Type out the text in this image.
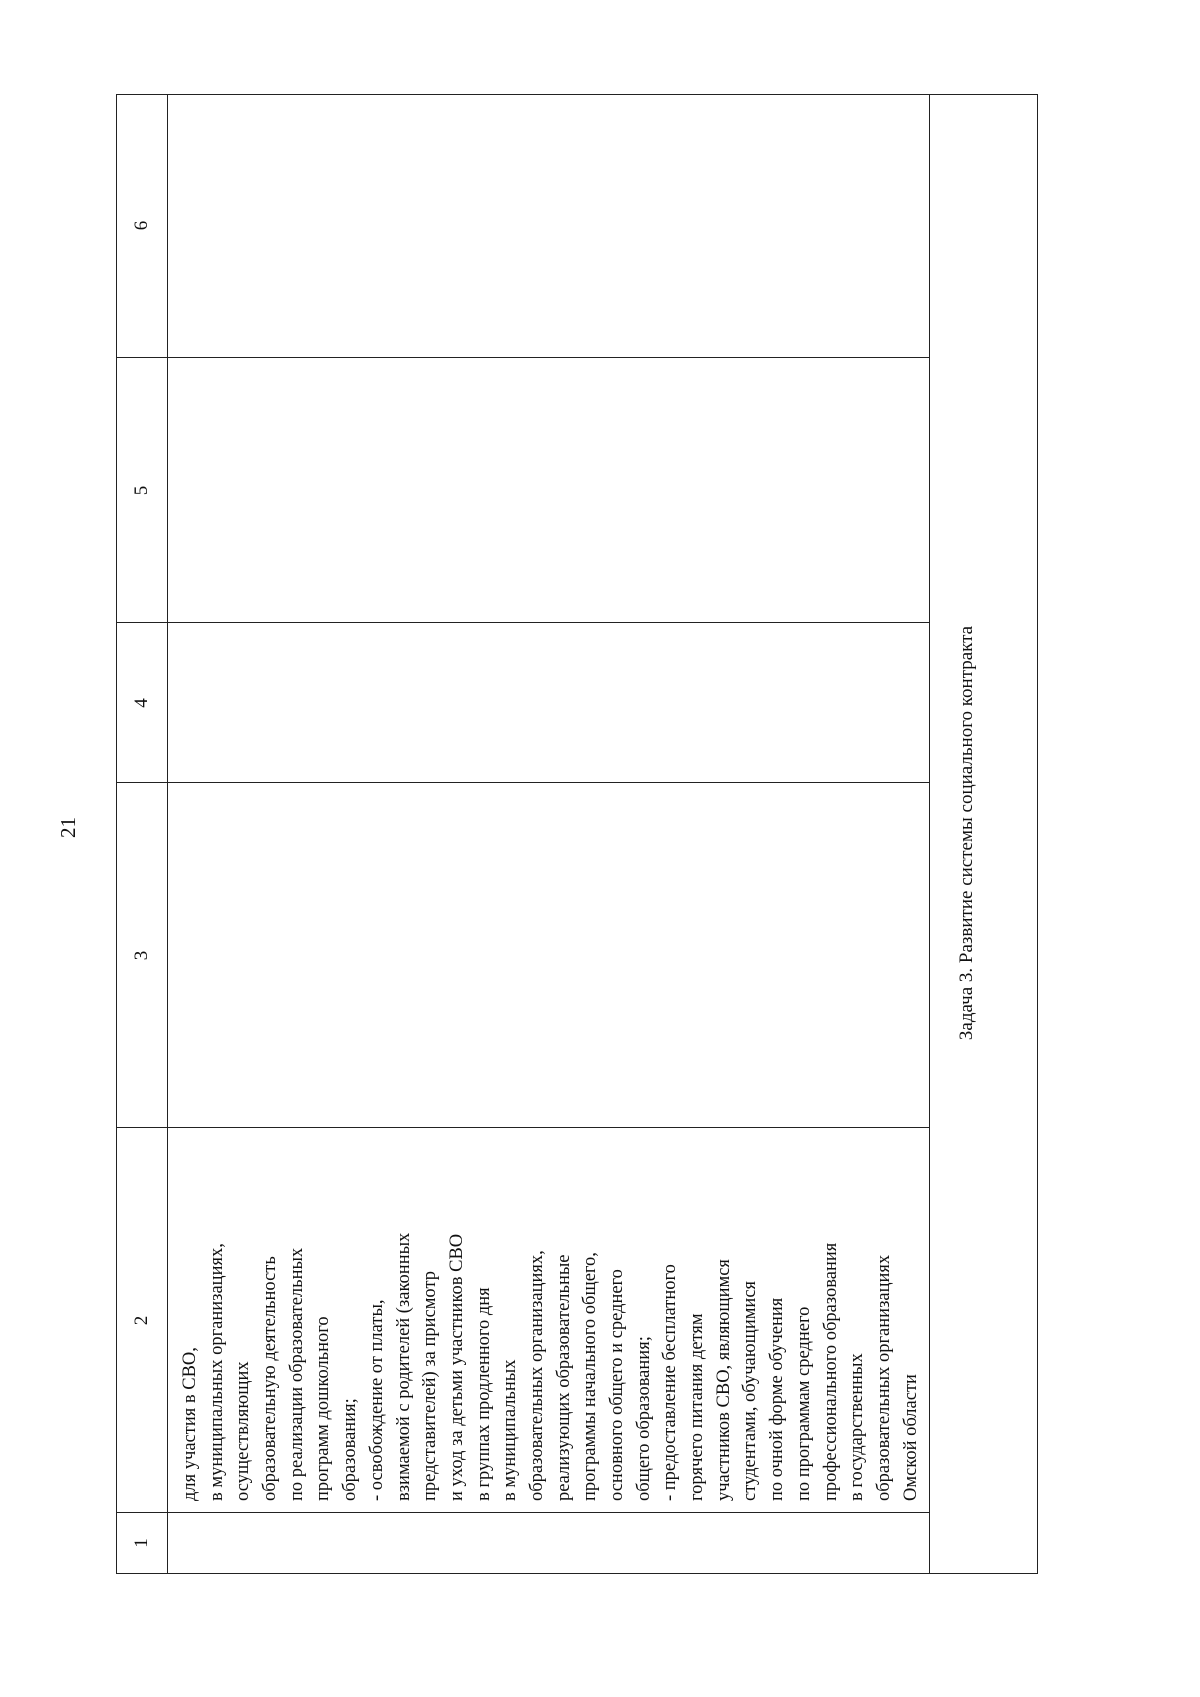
21
1
2
3
4
5
6
для участия в СВО, в муниципальных организациях, осуществляющих образовательную деятельность по реализации образовательных программ дошкольного образования; - освобождение от платы, взимаемой с родителей (законных представителей) за присмотр и уход за детьми участников СВО в группах продленного дня в муниципальных образовательных организациях, реализующих образовательные программы начального общего, основного общего и среднего общего образования; - предоставление бесплатного горячего питания детям участников СВО, являющимся студентами, обучающимися по очной форме обучения по программам среднего профессионального образования в государственных образовательных организациях Омской области
Задача 3. Развитие системы социального контракта
